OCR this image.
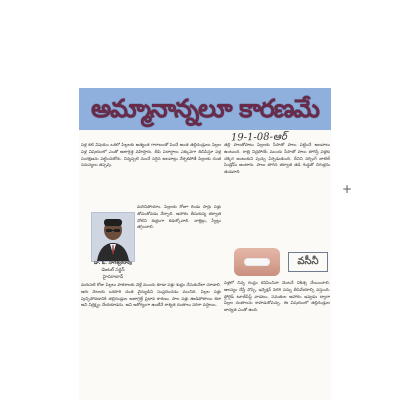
అమ్మానాన్నలూ కారణమే
19-1-08-ఆర్
పళ్ల కటి విషయం ఒకలో పిల్లలకు అత్యంత గారాబంతో పెంచే అంత తల్లిదండ్రులు పిల్లల పళ్ల విషయంలో ఎంతో అజాగ్రత్త వహిస్తారు. తీపి పదార్థాలు ఎక్కువగా తినిపిస్తూ పళ్ల సంరక్షణను పట్టించుకోరు. చిన్నప్పటి నుంచే సరైన అలవాట్లు నేర్పకపోతే పిల్లలకు దంత సమస్యలు తప్పవు.
డా. ఓ. నాగేశ్వరరావు
డెంటల్ సర్జన్
హైదరాబాద్
మరిచిపోయాం. పిల్లలకు రోజూ రెండు సార్లు పళ్లు తోముకోవడం నేర్పాలి. ఆహారం తీసుకున్న తర్వాత నోటిని శుభ్రంగా కడుక్కోవాలి. చాక్లెట్లు, స్వీట్లు తగ్గించాలి.
మరుసటి రోజు పిల్లలు పాఠశాలకు వెళ్లే ముందు కూడా పళ్లు శుభ్రం చేసుకునేలా చూడాలి. ఆరు నెలలకు ఒకసారి దంత వైద్యుడిని సంప్రదించడం మంచిది. పిల్లల పళ్లు పుచ్చిపోవడానికి తల్లిదండ్రుల అజాగ్రత్తే ప్రధాన కారణం. పాల పళ్లు ఊడిపోతాయి కదా అని నిర్లక్ష్యం చేయకూడదు. అవి ఆరోగ్యంగా ఉంటేనే శాశ్వత దంతాలు సరిగా వస్తాయి.
తల్లి పాలతోపాటు పిల్లలకు సీసాతో పాలు పట్టించే అలవాటు ఉంటుంది. రాత్రి నిద్రపోయే ముందు సీసాతో పాలు తాగిస్తే పళ్లకు చక్కెర అంటుకుని పుచ్చు ఏర్పడుతుంది. దీనిని నర్సింగ్ బాటిల్ సిండ్రోమ్ అంటారు. పాలు తాగిన తర్వాత తడి గుడ్డతో చిగుళ్లను తుడవాలి.
వసీనీ
పళ్లలో చిన్న రంధ్రం కనిపించినా వెంటనే చికిత్స చేయించాలి. ఆలస్యం చేస్తే నొప్పి, ఇన్ఫెక్షన్ పెరిగి పన్ను తీసివేయాల్సి వస్తుంది. ఫ్లోరైడ్ టూత్‌పేస్ట్ వాడటం, సమతుల ఆహారం ఇవ్వడం ద్వారా పిల్లల దంతాలను కాపాడుకోవచ్చు. ఈ విషయంలో తల్లిదండ్రుల బాధ్యత ఎంతో ఉంది.
+
